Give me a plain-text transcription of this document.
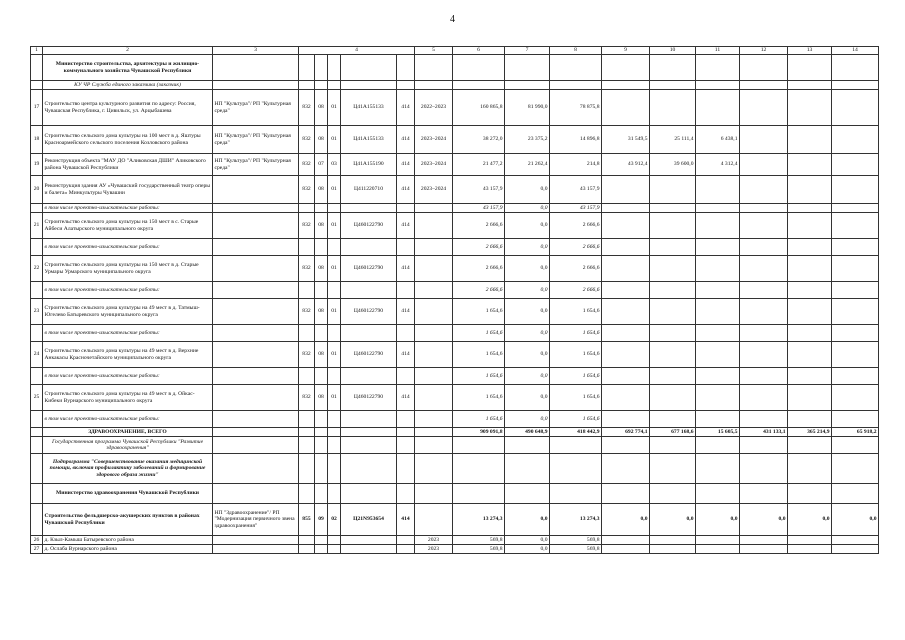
4
1	2	3	4					5	6	7	8	9	10	11	12	13	14
	Министерство строительства, архитектуры и жилищно-коммунального хозяйства Чувашской Республики																
	КУ ЧР Служба единого заказчика (заказчик)																
17	Строительство центра культурного развития по адресу: Россия, Чувашская Республика, г. Цивильск, ул. Арцыбашева	НП "Культура"/ РП "Культурная среда"	832	08	01	Ц41А155133	414	2022–2023	160 865,8	81 990,0	78 875,8						
18	Строительство сельского дома культуры на 100 мест в д. Яштуры Красноармейского сельского поселения Козловского района	НП "Культура"/ РП "Культурная среда"	832	08	01	Ц41А155133	414	2023–2024	38 272,0	23 375,2	14 896,8	31 549,5	25 111,4	6 438,1			
19	Реконструкция объекта "МАУ ДО "Аликовская ДШИ" Аликовского района Чувашской Республики	НП "Культура"/ РП "Культурная среда"	832	07	03	Ц41А155190	414	2023–2024	21 477,2	21 262,4	214,8	43 912,4	39 600,0	4 312,4			
20	Реконструкция здания АУ «Чувашский государственный театр оперы и балета» Минкультуры Чувашии		832	08	01	Ц411220710	414	2023–2024	43 157,9	0,0	43 157,9						
	в том числе проектно-изыскательские работы:								43 157,9	0,0	43 157,9						
21	Строительство сельского дома культуры на 150 мест в с. Старые Айбеси Алатырского муниципального округа		832	08	01	Ц460122790	414		2 666,6	0,0	2 666,6						
	в том числе проектно-изыскательские работы:								2 666,6	0,0	2 666,6						
22	Строительство сельского дома культуры на 150 мест в д. Старые Урмары Урмарского муниципального округа		832	08	01	Ц460122790	414		2 666,6	0,0	2 666,6						
	в том числе проектно-изыскательские работы:								2 666,6	0,0	2 666,6						
23	Строительство сельского дома культуры на 49 мест в д. Татмыш-Югелево Батыревского муниципального округа		832	08	01	Ц460122790	414		1 654,6	0,0	1 654,6						
	в том числе проектно-изыскательские работы:								1 654,6	0,0	1 654,6						
24	Строительство сельского дома культуры на 49 мест в д. Верхние Анкакасы Красночетайского муниципального округа		832	08	01	Ц460122790	414		1 654,6	0,0	1 654,6						
	в том числе проектно-изыскательские работы:								1 654,6	0,0	1 654,6						
25	Строительство сельского дома культуры на 49 мест в д. Ойкас-Кибеки Вурнарского муниципального округа		832	08	01	Ц460122790	414		1 654,6	0,0	1 654,6						
	в том числе проектно-изыскательские работы:								1 654,6	0,0	1 654,6						
	ЗДРАВООХРАНЕНИЕ, ВСЕГО								909 091,8	490 648,9	418 442,9	692 774,1	677 168,6	15 605,5	431 133,1	365 214,9	65 918,2
	Государственная программа Чувашской Республики "Развитие здравоохранения"																
	Подпрограмма "Совершенствование оказания медицинской помощи, включая профилактику заболеваний и формирование здорового образа жизни"																
	Министерство здравоохранения Чувашской Республики																
	Строительство фельдшерско-акушерских пунктов в районах Чувашской Республики	НП "Здравоохранение"/ РП "Модернизация первичного звена здравоохранения"	855	09	02	Ц21N953654	414		13 274,3	0,0	13 274,3	0,0	0,0	0,0	0,0	0,0	0,0
26	д. Кзыл-Камыш Батыревского района							2023	569,8	0,0	569,8						
27	д. Ослаба Вурнарского района							2023	569,8	0,0	569,8						
